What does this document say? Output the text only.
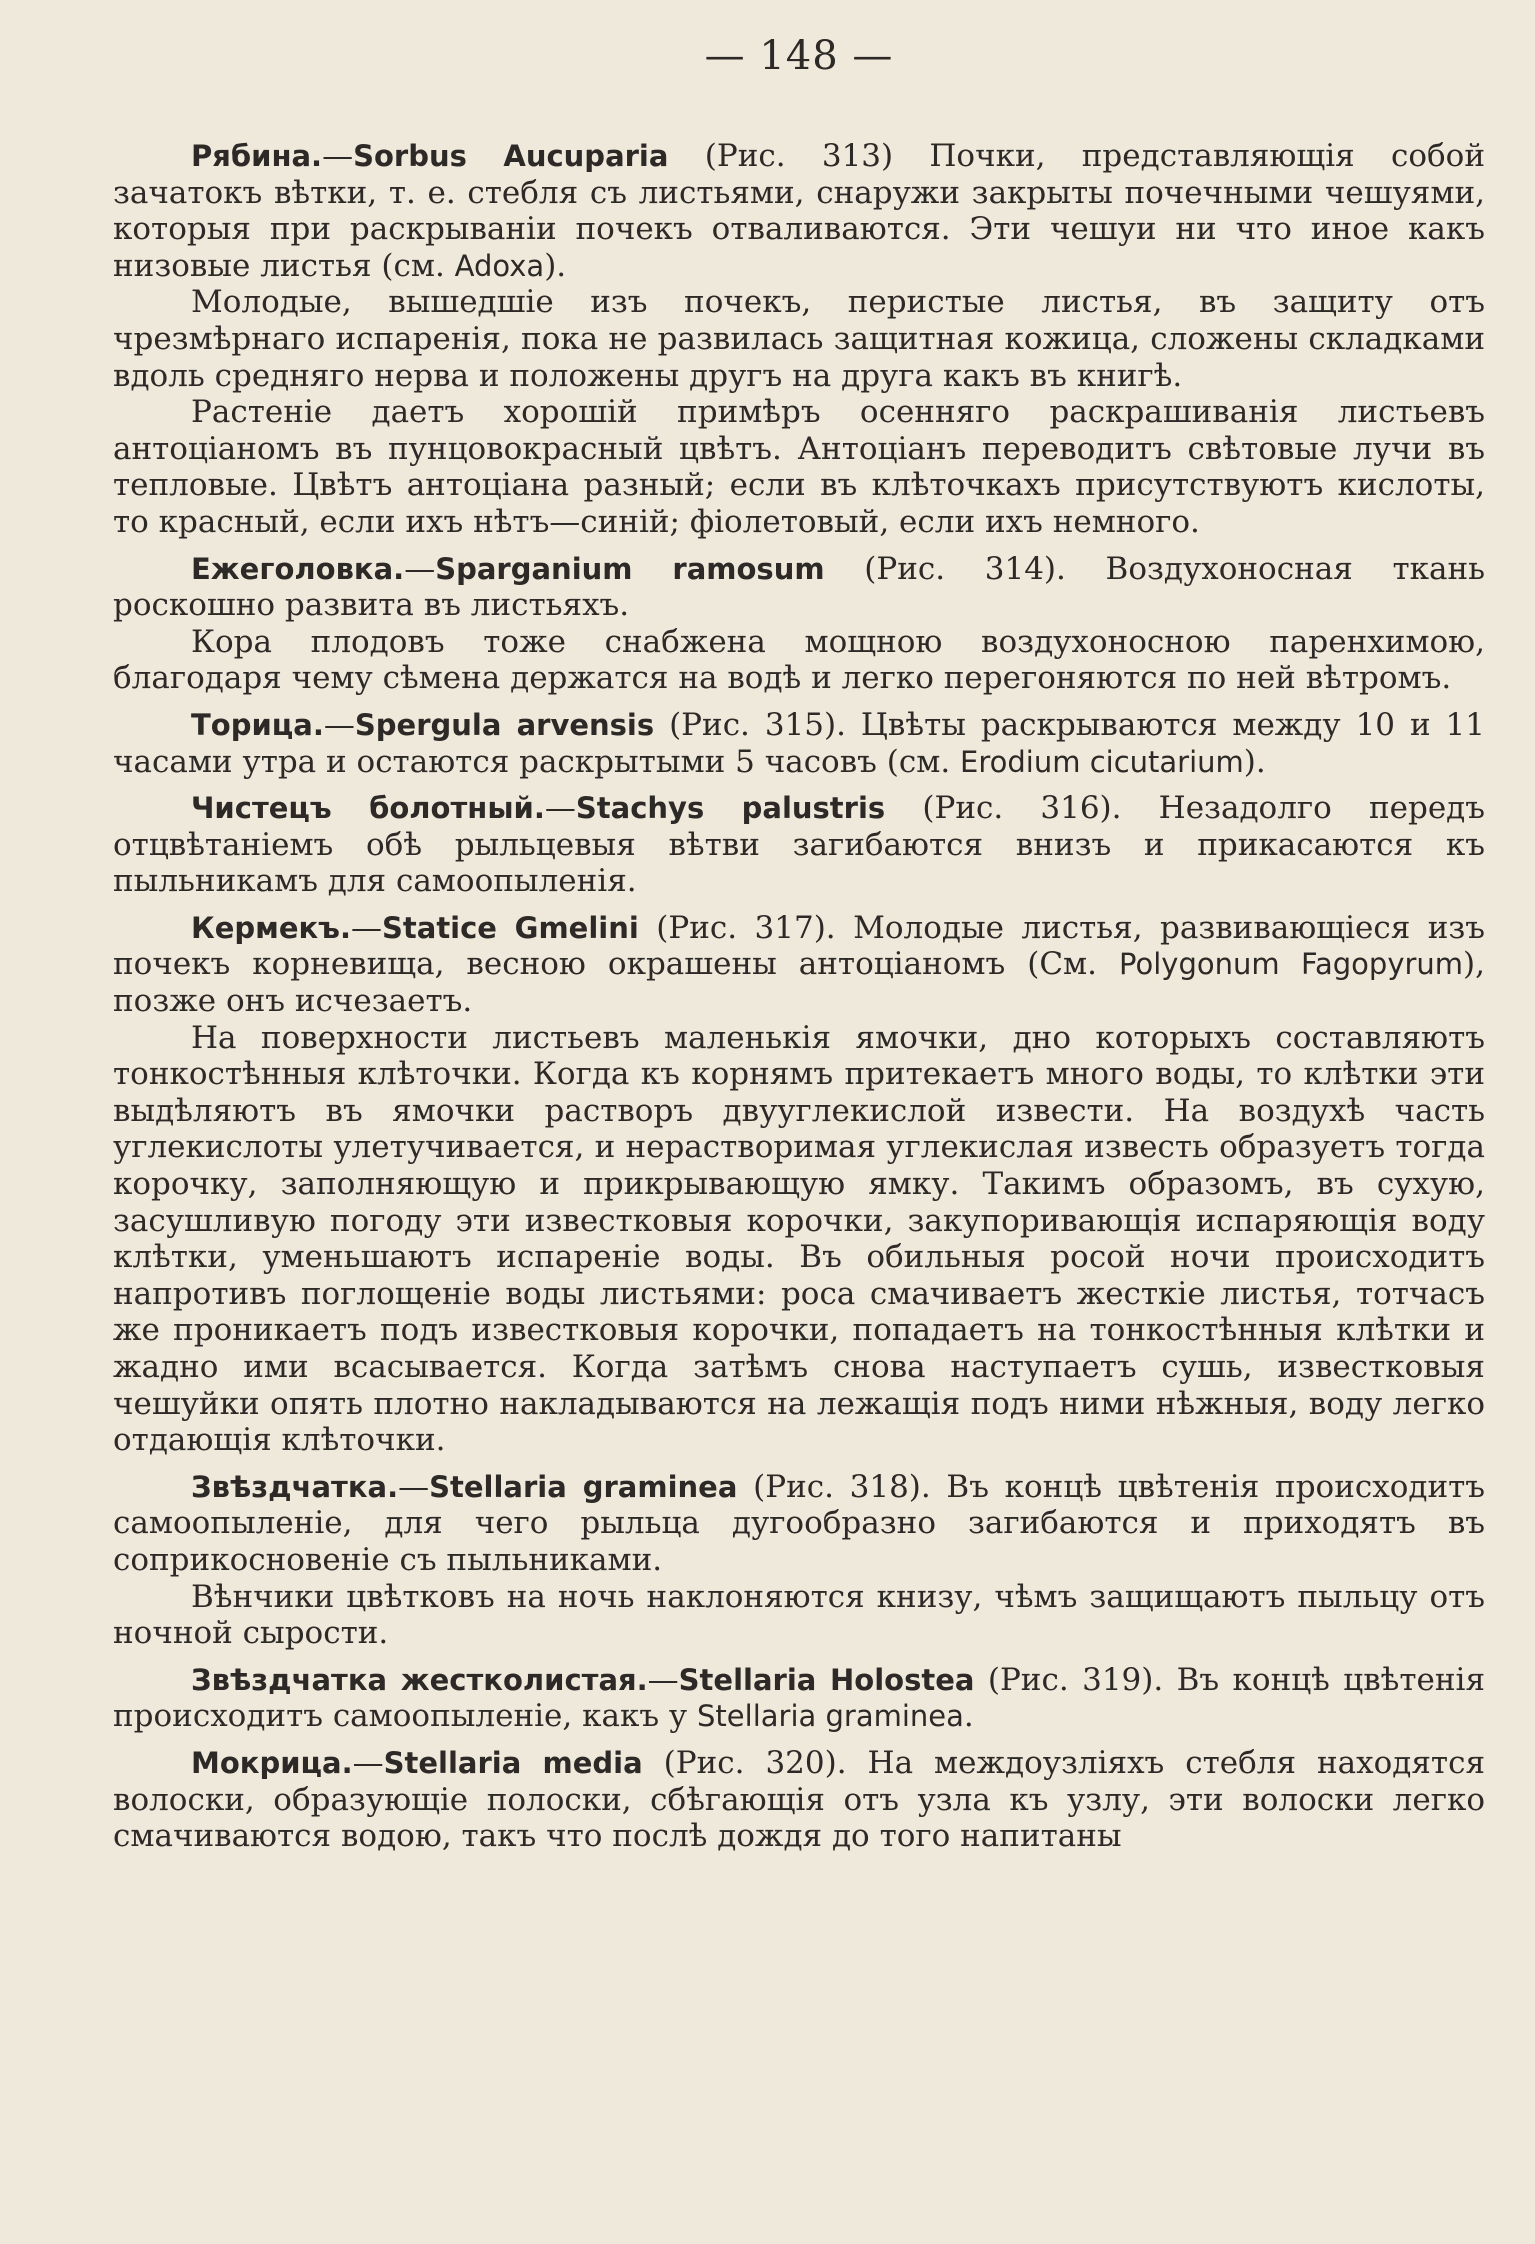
— 148 —

Рябина.—Sorbus Aucuparia (Рис. 313) Почки, представляющія собой зачатокъ вѣтки, т. е. стебля съ листьями, снаружи закрыты почечными чешуями, которыя при раскрываніи почекъ отваливаются. Эти чешуи ни что иное какъ низовые листья (см. Adoxa).

Молодые, вышедшіе изъ почекъ, перистые листья, въ защиту отъ чрезмѣрнаго испаренія, пока не развилась защитная кожица, сложены складками вдоль средняго нерва и положены другъ на друга какъ въ книгѣ.

Растеніе даетъ хорошій примѣръ осенняго раскрашиванія листьевъ антоціаномъ въ пунцовокрасный цвѣтъ. Антоціанъ переводитъ свѣтовые лучи въ тепловые. Цвѣтъ антоціана разный; если въ клѣточкахъ присутствуютъ кислоты, то красный, если ихъ нѣтъ—синій; фіолетовый, если ихъ немного.

Ежеголовка.—Sparganium ramosum (Рис. 314). Воздухоносная ткань роскошно развита въ листьяхъ.

Кора плодовъ тоже снабжена мощною воздухоносною паренхимою, благодаря чему сѣмена держатся на водѣ и легко перегоняются по ней вѣтромъ.

Торица.—Spergula arvensis (Рис. 315). Цвѣты раскрываются между 10 и 11 часами утра и остаются раскрытыми 5 часовъ (см. Erodium cicutarium).

Чистецъ болотный.—Stachys palustris (Рис. 316). Незадолго передъ отцвѣтаніемъ обѣ рыльцевыя вѣтви загибаются внизъ и прикасаются къ пыльникамъ для самоопыленія.

Кермекъ.—Statice Gmelini (Рис. 317). Молодые листья, развивающіеся изъ почекъ корневища, весною окрашены антоціаномъ (См. Polygonum Fagopyrum), позже онъ исчезаетъ.

На поверхности листьевъ маленькія ямочки, дно которыхъ составляютъ тонкостѣнныя клѣточки. Когда къ корнямъ притекаетъ много воды, то клѣтки эти выдѣляютъ въ ямочки растворъ двууглекислой извести. На воздухѣ часть углекислоты улетучивается, и нерастворимая углекислая известь образуетъ тогда корочку, заполняющую и прикрывающую ямку. Такимъ образомъ, въ сухую, засушливую погоду эти известковыя корочки, закупоривающія испаряющія воду клѣтки, уменьшаютъ испареніе воды. Въ обильныя росой ночи происходитъ напротивъ поглощеніе воды листьями: роса смачиваетъ жесткіе листья, тотчасъ же проникаетъ подъ известковыя корочки, попадаетъ на тонкостѣнныя клѣтки и жадно ими всасывается. Когда затѣмъ снова наступаетъ сушь, известковыя чешуйки опять плотно накладываются на лежащія подъ ними нѣжныя, воду легко отдающія клѣточки.

Звѣздчатка.—Stellaria graminea (Рис. 318). Въ концѣ цвѣтенія происходитъ самоопыленіе, для чего рыльца дугообразно загибаются и приходятъ въ соприкосновеніе съ пыльниками.

Вѣнчики цвѣтковъ на ночь наклоняются книзу, чѣмъ защищаютъ пыльцу отъ ночной сырости.

Звѣздчатка жестколистая.—Stellaria Holostea (Рис. 319). Въ концѣ цвѣтенія происходитъ самоопыленіе, какъ у Stellaria graminea.

Мокрица.—Stellaria media (Рис. 320). На междоузліяхъ стебля находятся волоски, образующіе полоски, сбѣгающія отъ узла къ узлу, эти волоски легко смачиваются водою, такъ что послѣ дождя до того напитаны
